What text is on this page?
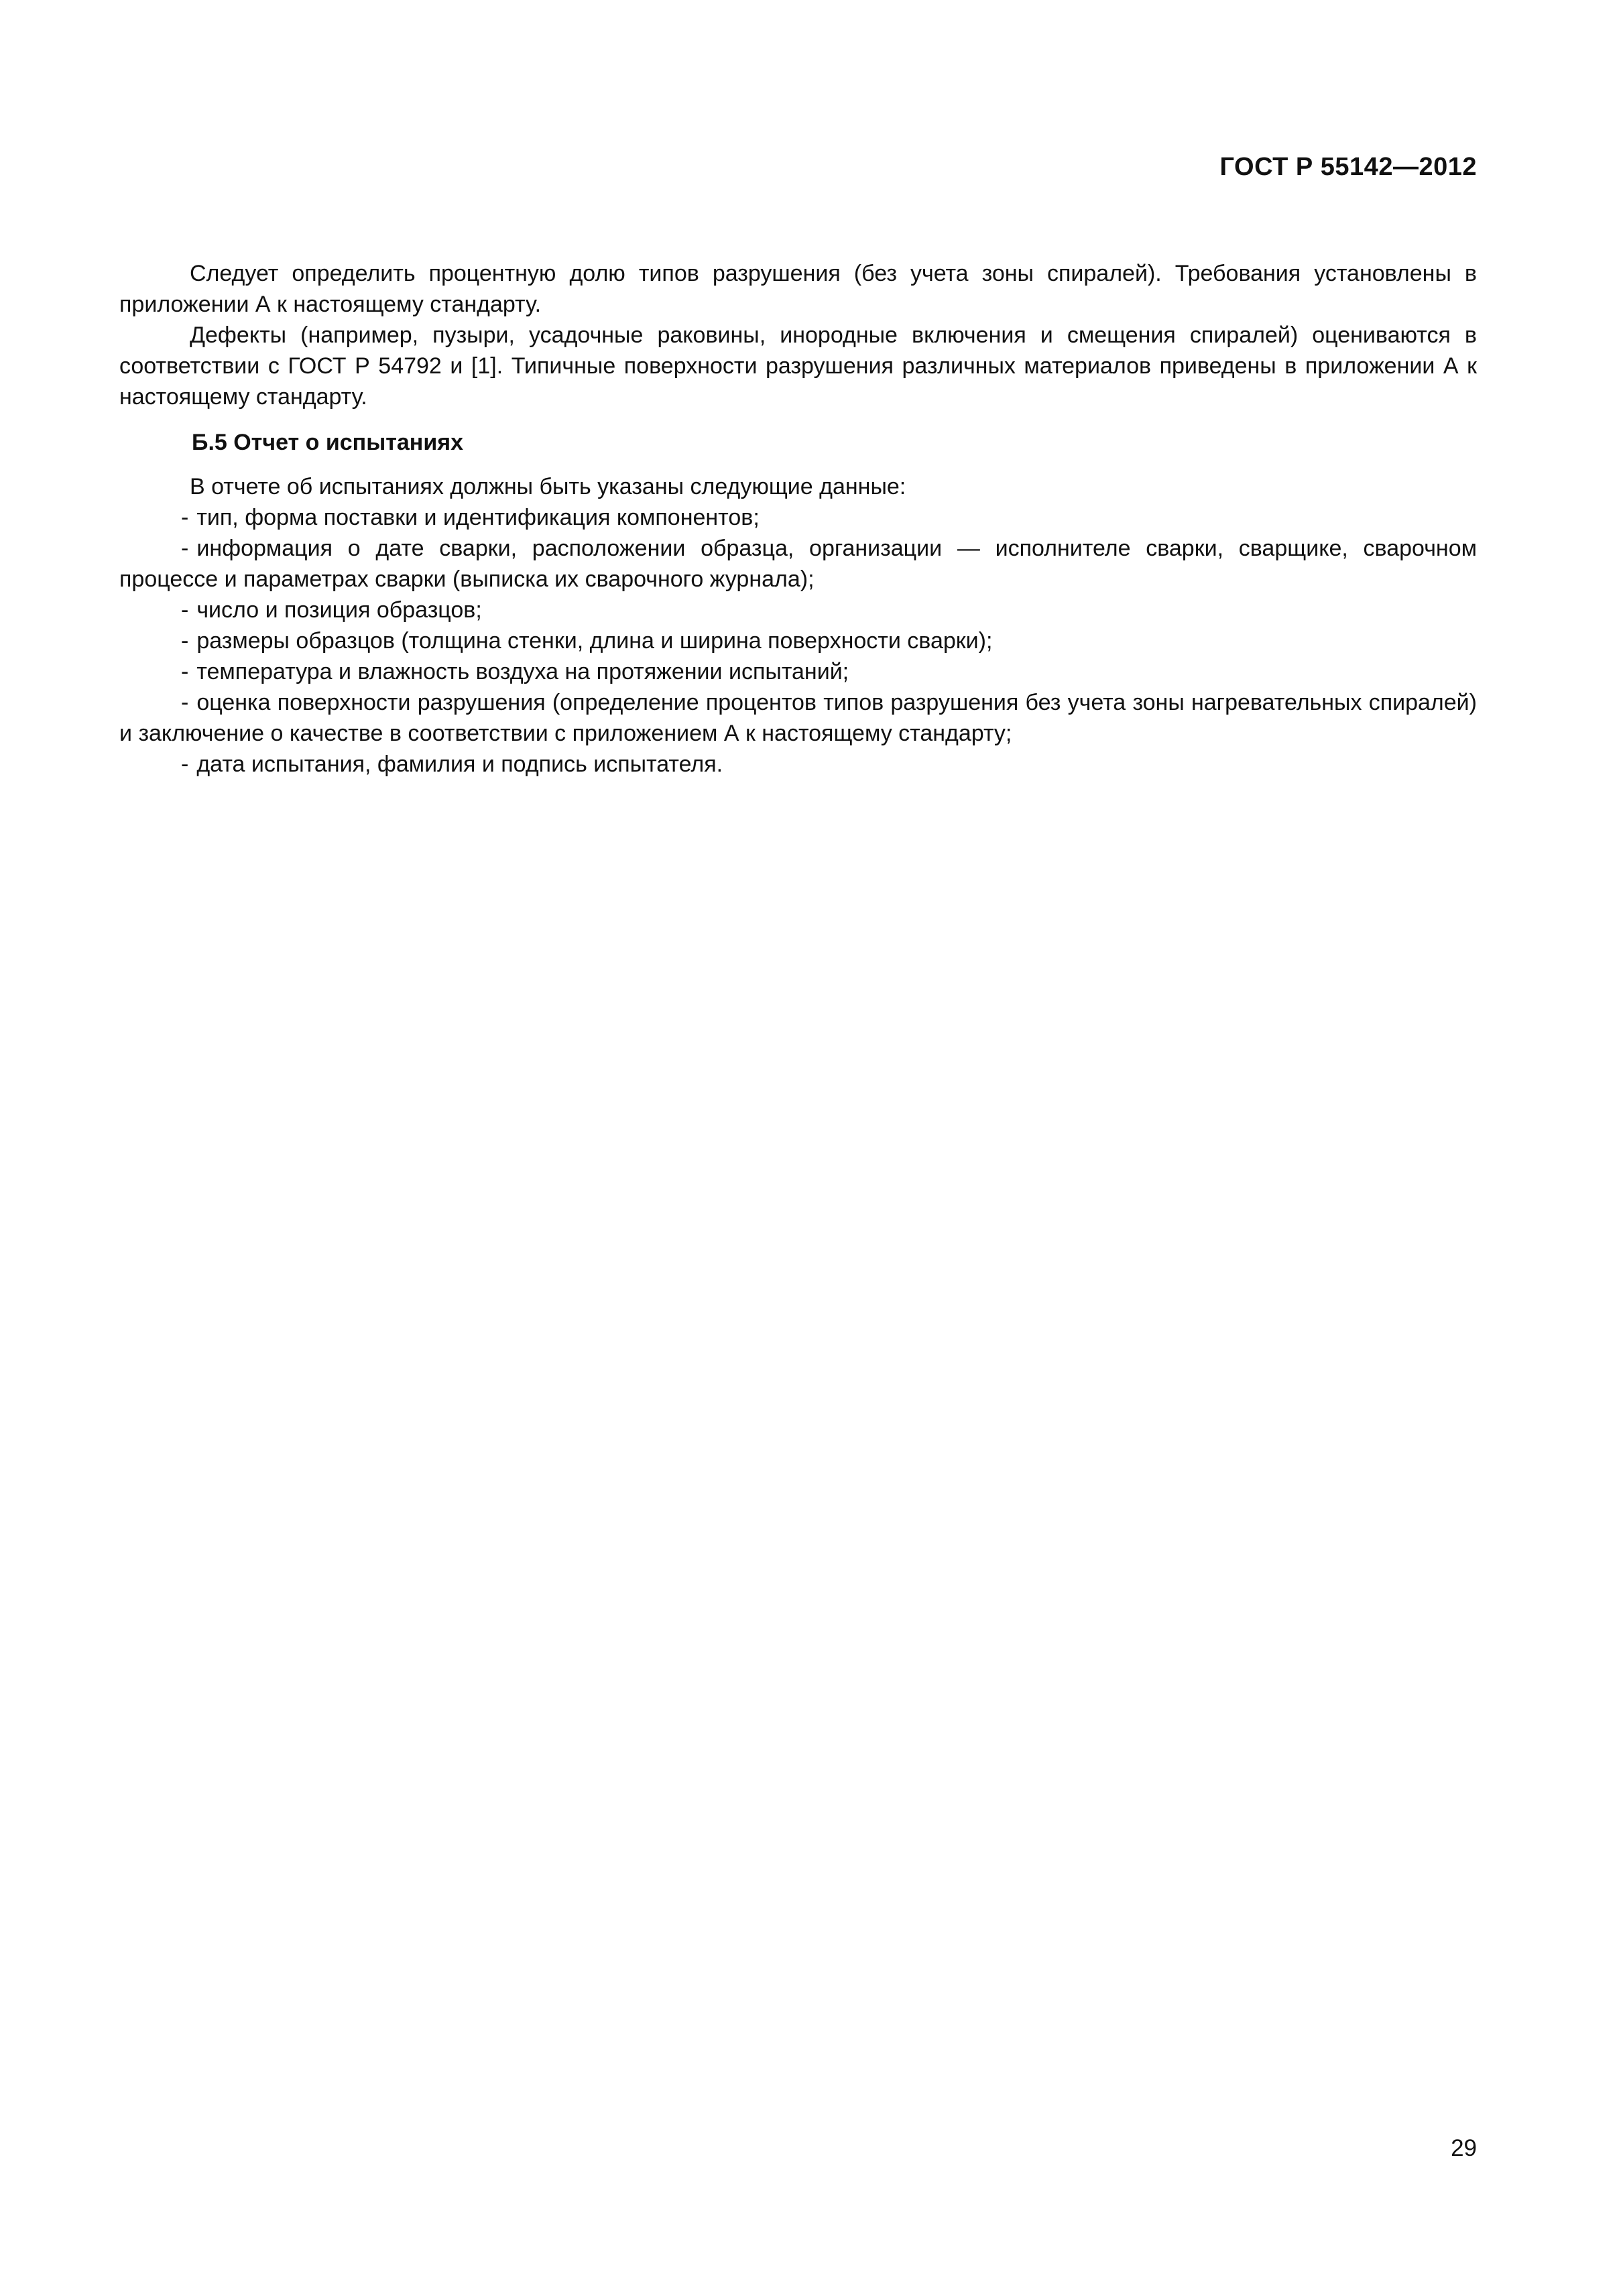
ГОСТ Р 55142—2012

Следует определить процентную долю типов разрушения (без учета зоны спиралей). Требования установлены в приложении А к настоящему стандарту.

Дефекты (например, пузыри, усадочные раковины, инородные включения и смещения спиралей) оцениваются в соответствии с ГОСТ Р 54792 и [1]. Типичные поверхности разрушения различных материалов приведены в приложении А к настоящему стандарту.

Б.5 Отчет о испытаниях

В отчете об испытаниях должны быть указаны следующие данные:

- тип, форма поставки и идентификация компонентов;

- информация о дате сварки, расположении образца, организации — исполнителе сварки, сварщике, сварочном процессе и параметрах сварки (выписка их сварочного журнала);

- число и позиция образцов;

- размеры образцов (толщина стенки, длина и ширина поверхности сварки);

- температура и влажность воздуха на протяжении испытаний;

- оценка поверхности разрушения (определение процентов типов разрушения без учета зоны нагревательных спиралей) и заключение о качестве в соответствии с приложением А к настоящему стандарту;

- дата испытания, фамилия и подпись испытателя.

29
